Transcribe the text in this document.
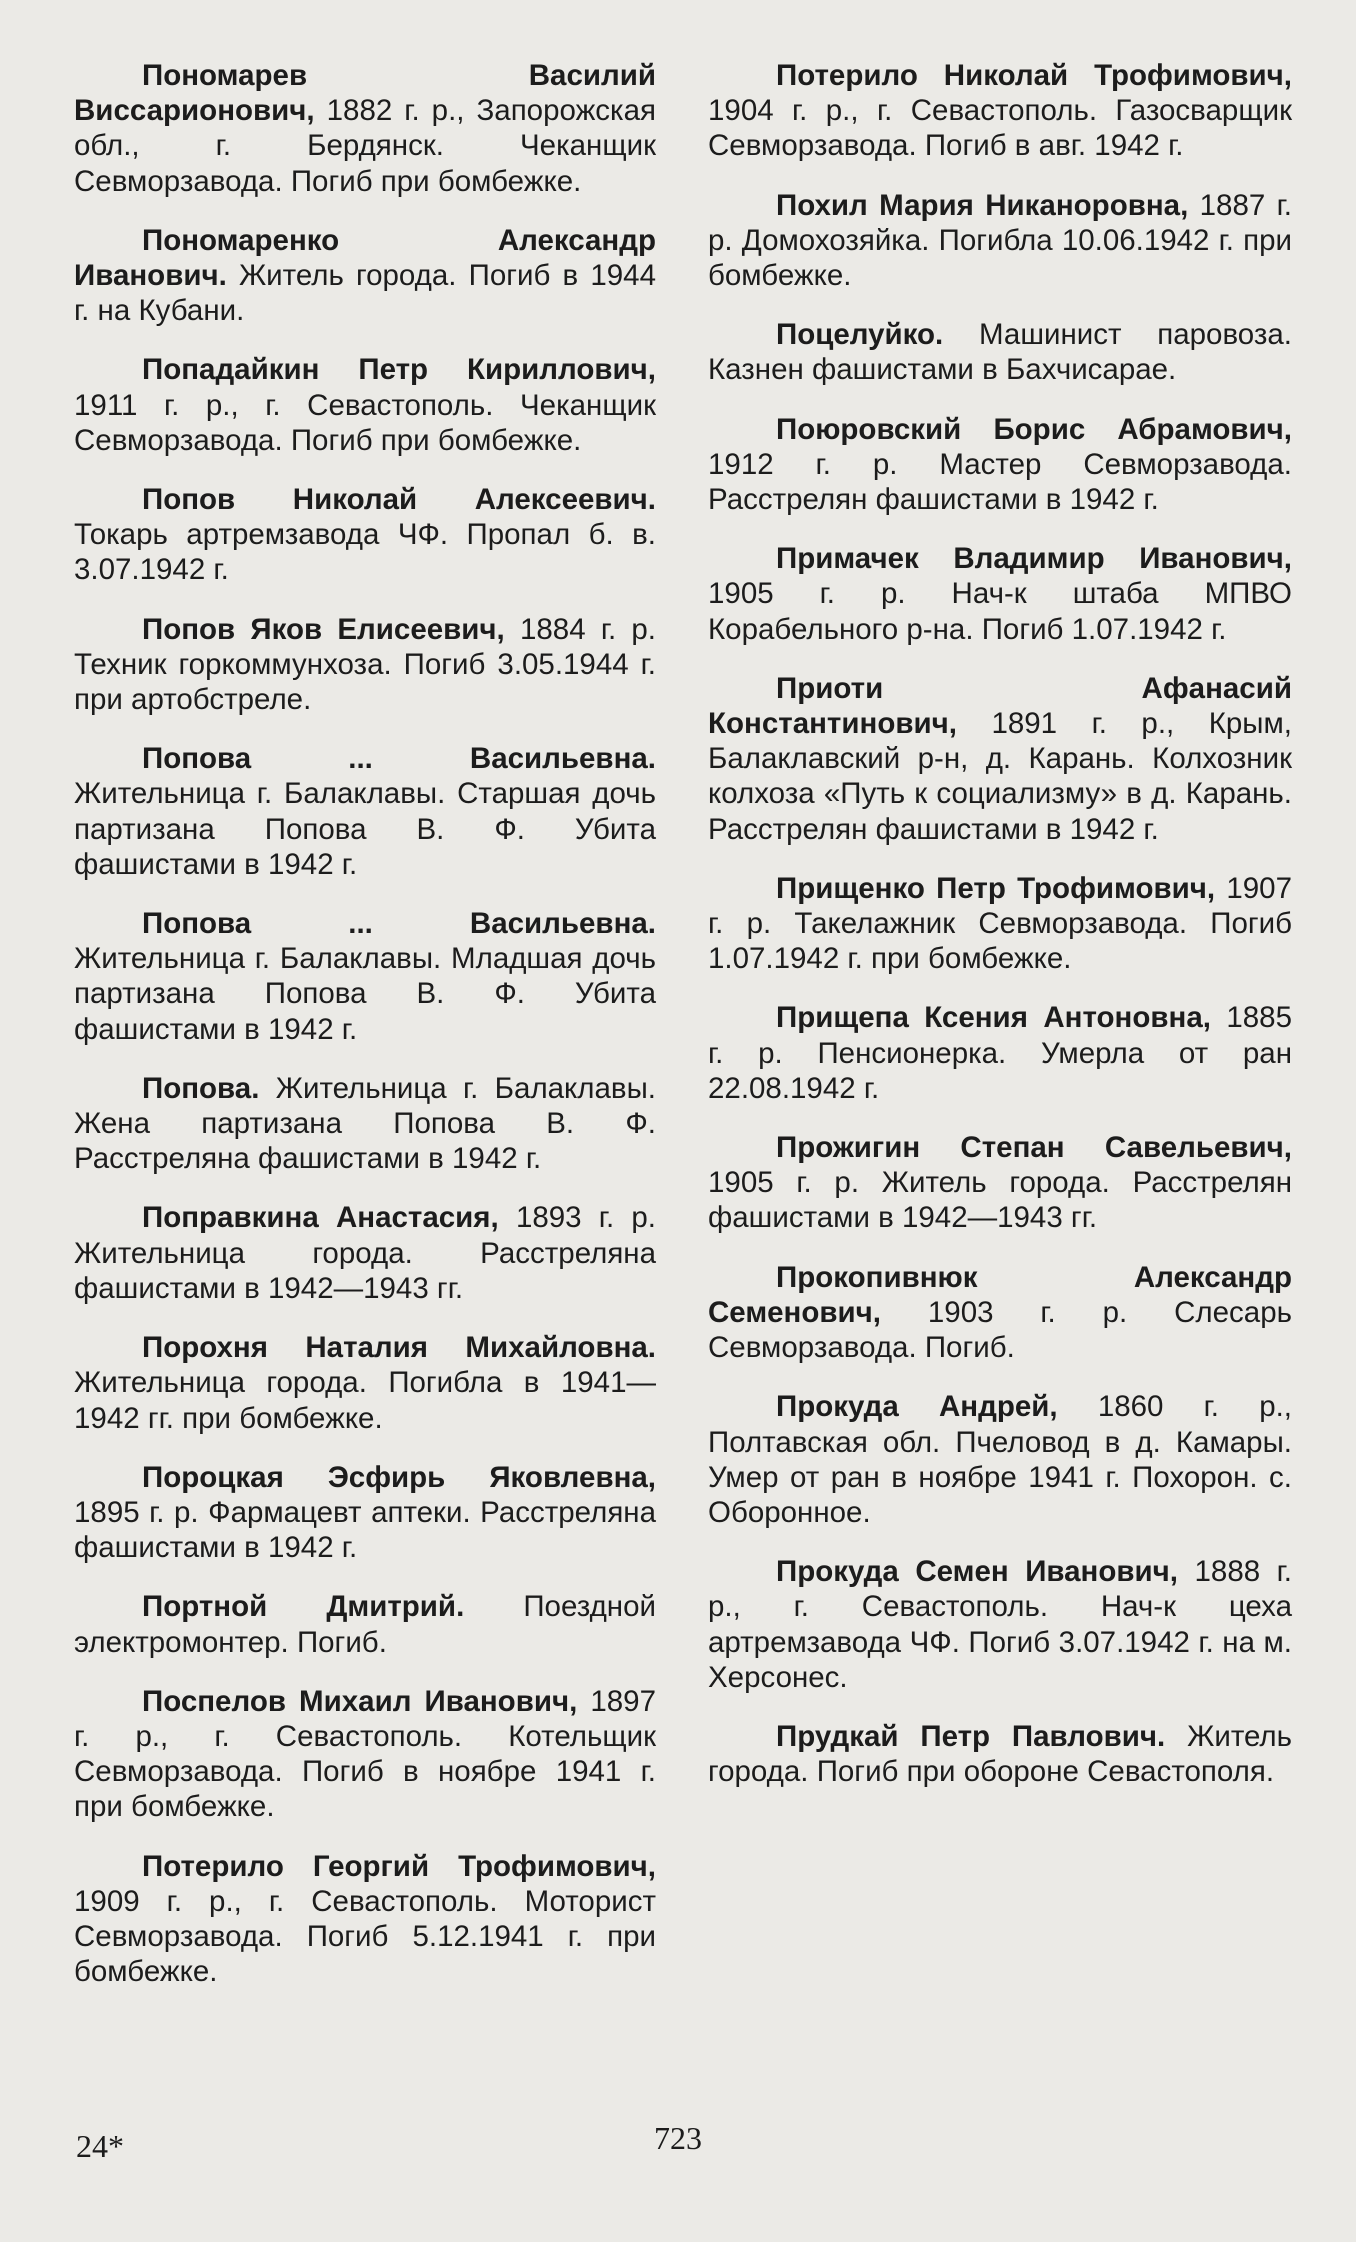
Пономарев Василий Виссарионович, 1882 г. р., Запорожская обл., г. Бердянск. Чеканщик Севморзавода. Погиб при бомбежке.

Пономаренко Александр Иванович. Житель города. Погиб в 1944 г. на Кубани.

Попадайкин Петр Кириллович, 1911 г. р., г. Севастополь. Чеканщик Севморзавода. Погиб при бомбежке.

Попов Николай Алексеевич. Токарь артремзавода ЧФ. Пропал б. в. 3.07.1942 г.

Попов Яков Елисеевич, 1884 г. р. Техник горкоммунхоза. Погиб 3.05.1944 г. при артобстреле.

Попова ... Васильевна. Жительница г. Балаклавы. Старшая дочь партизана Попова В. Ф. Убита фашистами в 1942 г.

Попова ... Васильевна. Жительница г. Балаклавы. Младшая дочь партизана Попова В. Ф. Убита фашистами в 1942 г.

Попова. Жительница г. Балаклавы. Жена партизана Попова В. Ф. Расстреляна фашистами в 1942 г.

Поправкина Анастасия, 1893 г. р. Жительница города. Расстреляна фашистами в 1942—1943 гг.

Порохня Наталия Михайловна. Жительница города. Погибла в 1941—1942 гг. при бомбежке.

Пороцкая Эсфирь Яковлевна, 1895 г. р. Фармацевт аптеки. Расстреляна фашистами в 1942 г.

Портной Дмитрий. Поездной электромонтер. Погиб.

Поспелов Михаил Иванович, 1897 г. р., г. Севастополь. Котельщик Севморзавода. Погиб в ноябре 1941 г. при бомбежке.

Потерило Георгий Трофимович, 1909 г. р., г. Севастополь. Моторист Севморзавода. Погиб 5.12.1941 г. при бомбежке.

Потерило Николай Трофимович, 1904 г. р., г. Севастополь. Газосварщик Севморзавода. Погиб в авг. 1942 г.

Похил Мария Никаноровна, 1887 г. р. Домохозяйка. Погибла 10.06.1942 г. при бомбежке.

Поцелуйко. Машинист паровоза. Казнен фашистами в Бахчисарае.

Поюровский Борис Абрамович, 1912 г. р. Мастер Севморзавода. Расстрелян фашистами в 1942 г.

Примачек Владимир Иванович, 1905 г. р. Нач-к штаба МПВО Корабельного р-на. Погиб 1.07.1942 г.

Приоти Афанасий Константинович, 1891 г. р., Крым, Балаклавский р-н, д. Карань. Колхозник колхоза «Путь к социализму» в д. Карань. Расстрелян фашистами в 1942 г.

Прищенко Петр Трофимович, 1907 г. р. Такелажник Севморзавода. Погиб 1.07.1942 г. при бомбежке.

Прищепа Ксения Антоновна, 1885 г. р. Пенсионерка. Умерла от ран 22.08.1942 г.

Прожигин Степан Савельевич, 1905 г. р. Житель города. Расстрелян фашистами в 1942—1943 гг.

Прокопивнюк Александр Семенович, 1903 г. р. Слесарь Севморзавода. Погиб.

Прокуда Андрей, 1860 г. р., Полтавская обл. Пчеловод в д. Камары. Умер от ран в ноябре 1941 г. Похорон. с. Оборонное.

Прокуда Семен Иванович, 1888 г. р., г. Севастополь. Нач-к цеха артремзавода ЧФ. Погиб 3.07.1942 г. на м. Херсонес.

Прудкай Петр Павлович. Житель города. Погиб при обороне Севастополя.

24*	723
